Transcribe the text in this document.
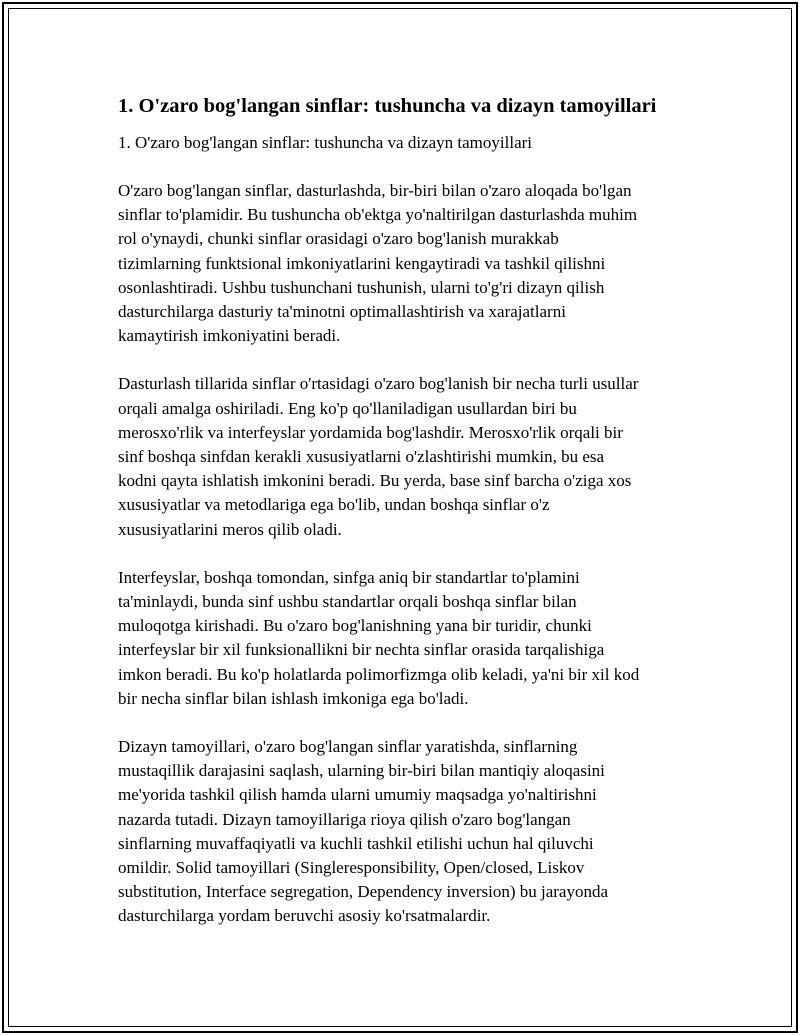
1. O'zaro bog'langan sinflar: tushuncha va dizayn tamoyillari
1. O'zaro bog'langan sinflar: tushuncha va dizayn tamoyillari
O'zaro bog'langan sinflar, dasturlashda, bir-biri bilan o'zaro aloqada bo'lgan
sinflar to'plamidir. Bu tushuncha ob'ektga yo'naltirilgan dasturlashda muhim
rol o'ynaydi, chunki sinflar orasidagi o'zaro bog'lanish murakkab
tizimlarning funktsional imkoniyatlarini kengaytiradi va tashkil qilishni
osonlashtiradi. Ushbu tushunchani tushunish, ularni to'g'ri dizayn qilish
dasturchilarga dasturiy ta'minotni optimallashtirish va xarajatlarni
kamaytirish imkoniyatini beradi.
Dasturlash tillarida sinflar o'rtasidagi o'zaro bog'lanish bir necha turli usullar
orqali amalga oshiriladi. Eng ko'p qo'llaniladigan usullardan biri bu
merosxo'rlik va interfeyslar yordamida bog'lashdir. Merosxo'rlik orqali bir
sinf boshqa sinfdan kerakli xususiyatlarni o'zlashtirishi mumkin, bu esa
kodni qayta ishlatish imkonini beradi. Bu yerda, base sinf barcha o'ziga xos
xususiyatlar va metodlariga ega bo'lib, undan boshqa sinflar o'z
xususiyatlarini meros qilib oladi.
Interfeyslar, boshqa tomondan, sinfga aniq bir standartlar to'plamini
ta'minlaydi, bunda sinf ushbu standartlar orqali boshqa sinflar bilan
muloqotga kirishadi. Bu o'zaro bog'lanishning yana bir turidir, chunki
interfeyslar bir xil funksionallikni bir nechta sinflar orasida tarqalishiga
imkon beradi. Bu ko'p holatlarda polimorfizmga olib keladi, ya'ni bir xil kod
bir necha sinflar bilan ishlash imkoniga ega bo'ladi.
Dizayn tamoyillari, o'zaro bog'langan sinflar yaratishda, sinflarning
mustaqillik darajasini saqlash, ularning bir-biri bilan mantiqiy aloqasini
me'yorida tashkil qilish hamda ularni umumiy maqsadga yo'naltirishni
nazarda tutadi. Dizayn tamoyillariga rioya qilish o'zaro bog'langan
sinflarning muvaffaqiyatli va kuchli tashkil etilishi uchun hal qiluvchi
omildir. Solid tamoyillari (Singleresponsibility, Open/closed, Liskov
substitution, Interface segregation, Dependency inversion) bu jarayonda
dasturchilarga yordam beruvchi asosiy ko'rsatmalardir.
